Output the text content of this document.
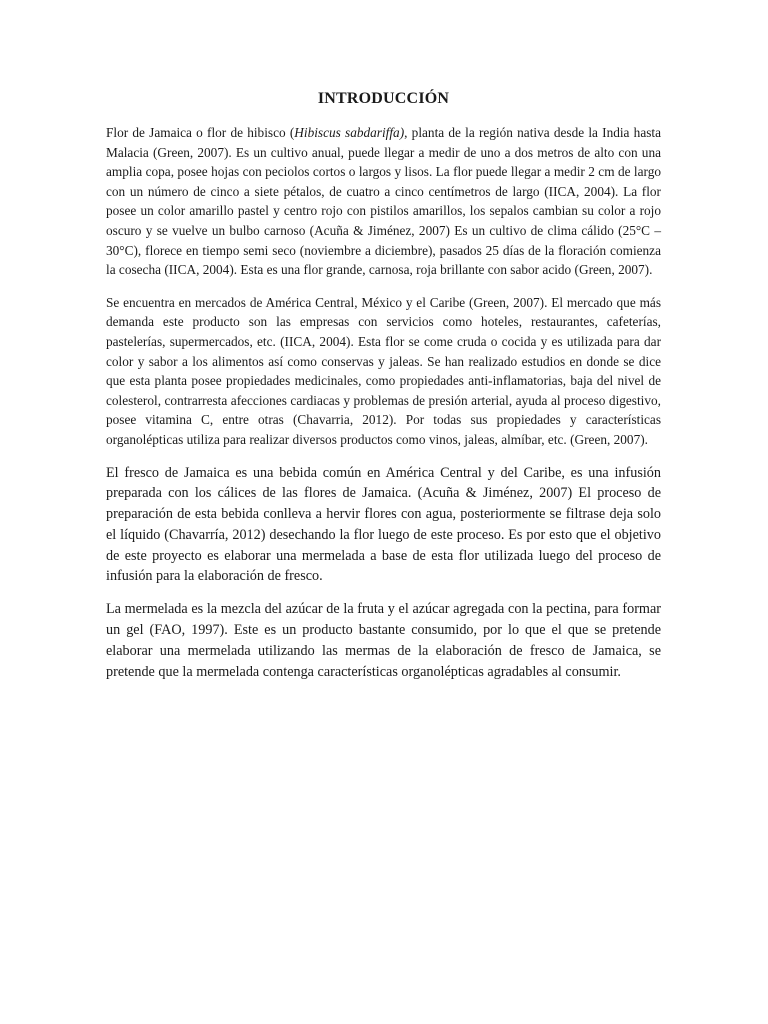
INTRODUCCIÓN

Flor de Jamaica o flor de hibisco (Hibiscus sabdariffa), planta de la región nativa desde la India hasta Malacia (Green, 2007). Es un cultivo anual, puede llegar a medir de uno a dos metros de alto con una amplia copa, posee hojas con peciolos cortos o largos y lisos. La flor puede llegar a medir 2 cm de largo con un número de cinco a siete pétalos, de cuatro a cinco centímetros de largo (IICA, 2004). La flor posee un color amarillo pastel y centro rojo con pistilos amarillos, los sepalos cambian su color a rojo oscuro y se vuelve un bulbo carnoso (Acuña & Jiménez, 2007) Es un cultivo de clima cálido (25°C – 30°C), florece en tiempo semi seco (noviembre a diciembre), pasados 25 días de la floración comienza la cosecha (IICA, 2004). Esta es una flor grande, carnosa, roja brillante con sabor acido (Green, 2007).

Se encuentra en mercados de América Central, México y el Caribe (Green, 2007). El mercado que más demanda este producto son las empresas con servicios como hoteles, restaurantes, cafeterías, pastelerías, supermercados, etc. (IICA, 2004). Esta flor se come cruda o cocida y es utilizada para dar color y sabor a los alimentos así como conservas y jaleas. Se han realizado estudios en donde se dice que esta planta posee propiedades medicinales, como propiedades anti-inflamatorias, baja del nivel de colesterol, contrarresta afecciones cardiacas y problemas de presión arterial, ayuda al proceso digestivo, posee vitamina C, entre otras (Chavarria, 2012). Por todas sus propiedades y características organolépticas utiliza para realizar diversos productos como vinos, jaleas, almíbar, etc. (Green, 2007).

El fresco de Jamaica es una bebida común en América Central y del Caribe, es una infusión preparada con los cálices de las flores de Jamaica. (Acuña & Jiménez, 2007) El proceso de preparación de esta bebida conlleva a hervir flores con agua, posteriormente se filtrase deja solo el líquido (Chavarría, 2012) desechando la flor luego de este proceso. Es por esto que el objetivo de este proyecto es elaborar una mermelada a base de esta flor utilizada luego del proceso de infusión para la elaboración de fresco.

La mermelada es la mezcla del azúcar de la fruta y el azúcar agregada con la pectina, para formar un gel (FAO, 1997). Este es un producto bastante consumido, por lo que el que se pretende elaborar una mermelada utilizando las mermas de la elaboración de fresco de Jamaica, se pretende que la mermelada contenga características organolépticas agradables al consumir.
